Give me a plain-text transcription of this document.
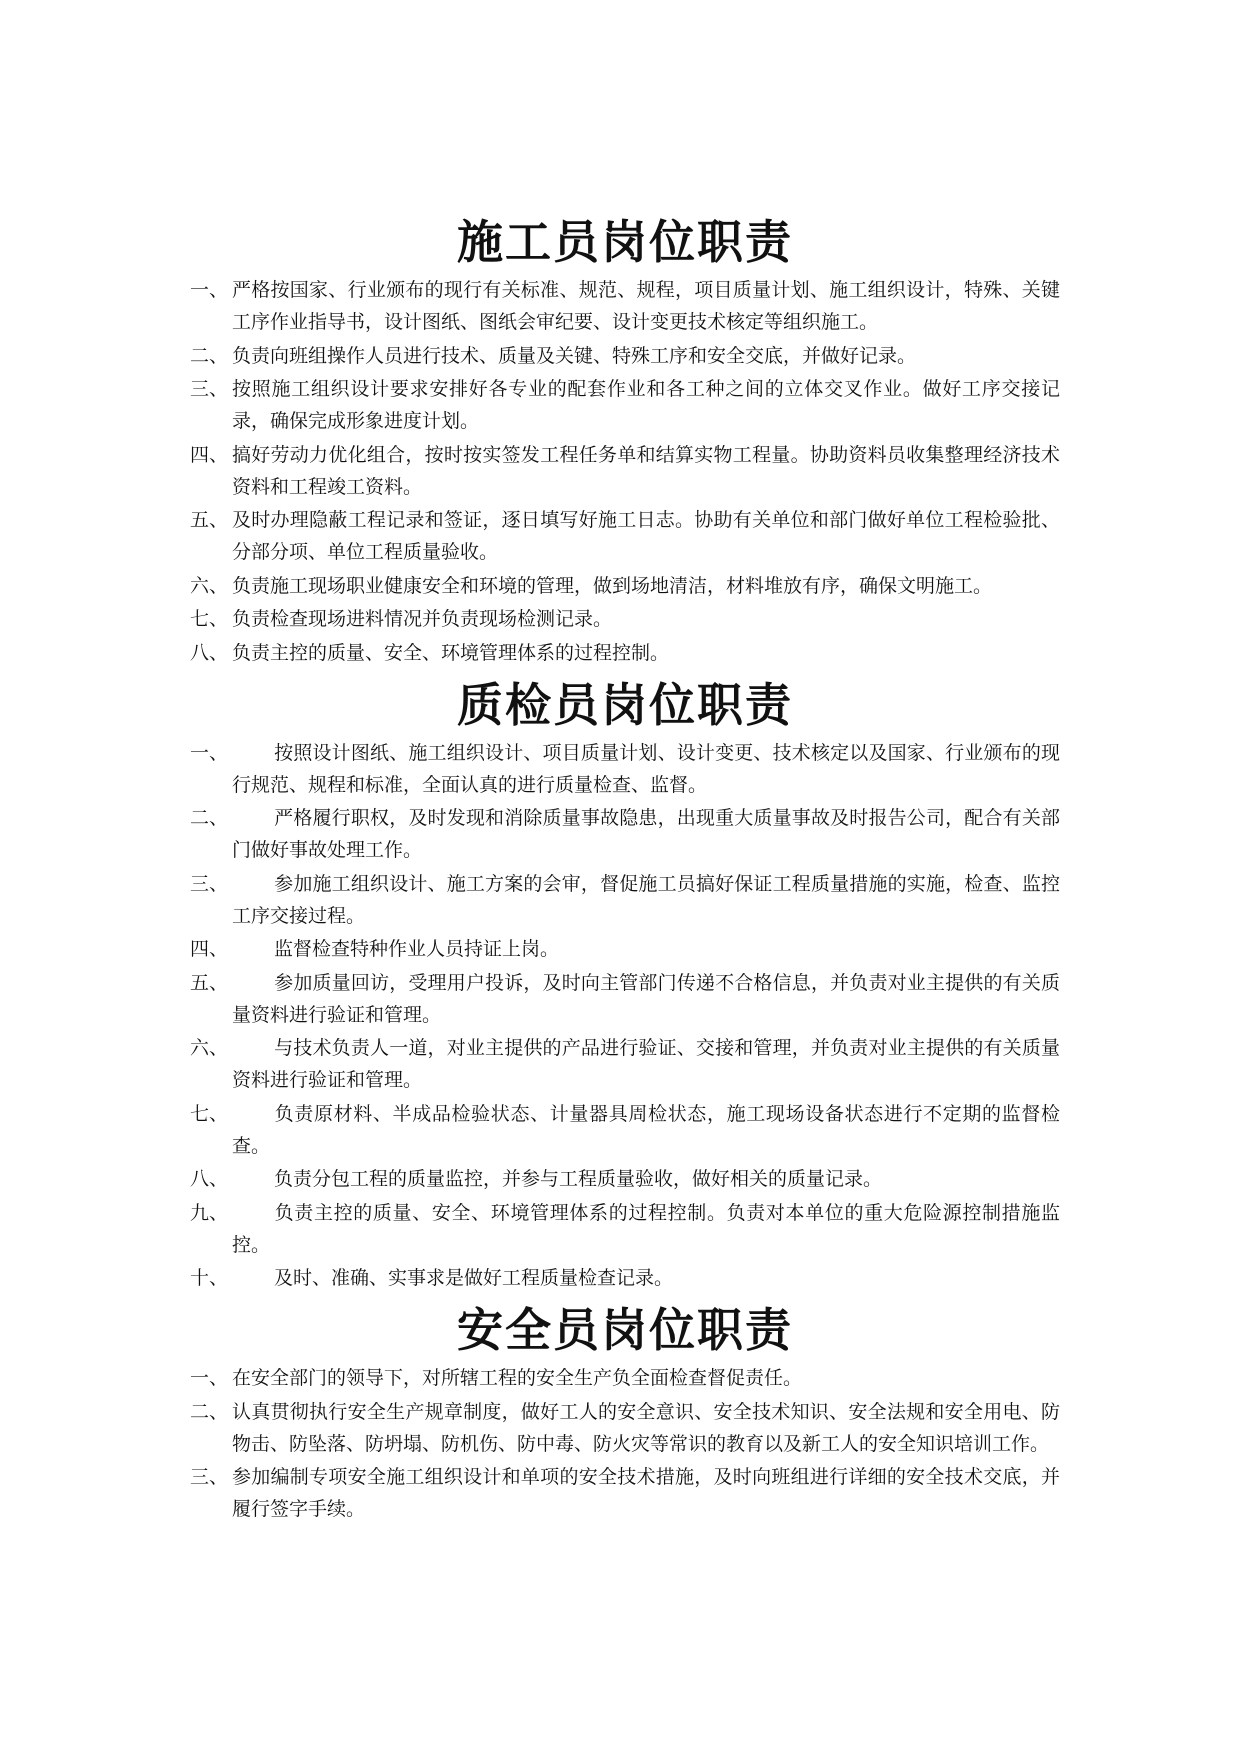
施工员岗位职责
一、 严格按国家、行业颁布的现行有关标准、规范、规程，项目质量计划、施工组织设计，特殊、关键工序作业指导书，设计图纸、图纸会审纪要、设计变更技术核定等组织施工。
二、 负责向班组操作人员进行技术、质量及关键、特殊工序和安全交底，并做好记录。
三、 按照施工组织设计要求安排好各专业的配套作业和各工种之间的立体交叉作业。做好工序交接记录，确保完成形象进度计划。
四、 搞好劳动力优化组合，按时按实签发工程任务单和结算实物工程量。协助资料员收集整理经济技术资料和工程竣工资料。
五、 及时办理隐蔽工程记录和签证，逐日填写好施工日志。协助有关单位和部门做好单位工程检验批、分部分项、单位工程质量验收。
六、 负责施工现场职业健康安全和环境的管理，做到场地清洁，材料堆放有序，确保文明施工。
七、 负责检查现场进料情况并负责现场检测记录。
八、 负责主控的质量、安全、环境管理体系的过程控制。
质检员岗位职责
一、 按照设计图纸、施工组织设计、项目质量计划、设计变更、技术核定以及国家、行业颁布的现行规范、规程和标准，全面认真的进行质量检查、监督。
二、 严格履行职权，及时发现和消除质量事故隐患，出现重大质量事故及时报告公司，配合有关部门做好事故处理工作。
三、 参加施工组织设计、施工方案的会审，督促施工员搞好保证工程质量措施的实施，检查、监控工序交接过程。
四、 监督检查特种作业人员持证上岗。
五、 参加质量回访，受理用户投诉，及时向主管部门传递不合格信息，并负责对业主提供的有关质量资料进行验证和管理。
六、 与技术负责人一道，对业主提供的产品进行验证、交接和管理，并负责对业主提供的有关质量资料进行验证和管理。
七、 负责原材料、半成品检验状态、计量器具周检状态，施工现场设备状态进行不定期的监督检查。
八、 负责分包工程的质量监控，并参与工程质量验收，做好相关的质量记录。
九、 负责主控的质量、安全、环境管理体系的过程控制。负责对本单位的重大危险源控制措施监控。
十、 及时、准确、实事求是做好工程质量检查记录。
安全员岗位职责
一、 在安全部门的领导下，对所辖工程的安全生产负全面检查督促责任。
二、 认真贯彻执行安全生产规章制度，做好工人的安全意识、安全技术知识、安全法规和安全用电、防物击、防坠落、防坍塌、防机伤、防中毒、防火灾等常识的教育以及新工人的安全知识培训工作。
三、 参加编制专项安全施工组织设计和单项的安全技术措施，及时向班组进行详细的安全技术交底，并履行签字手续。
